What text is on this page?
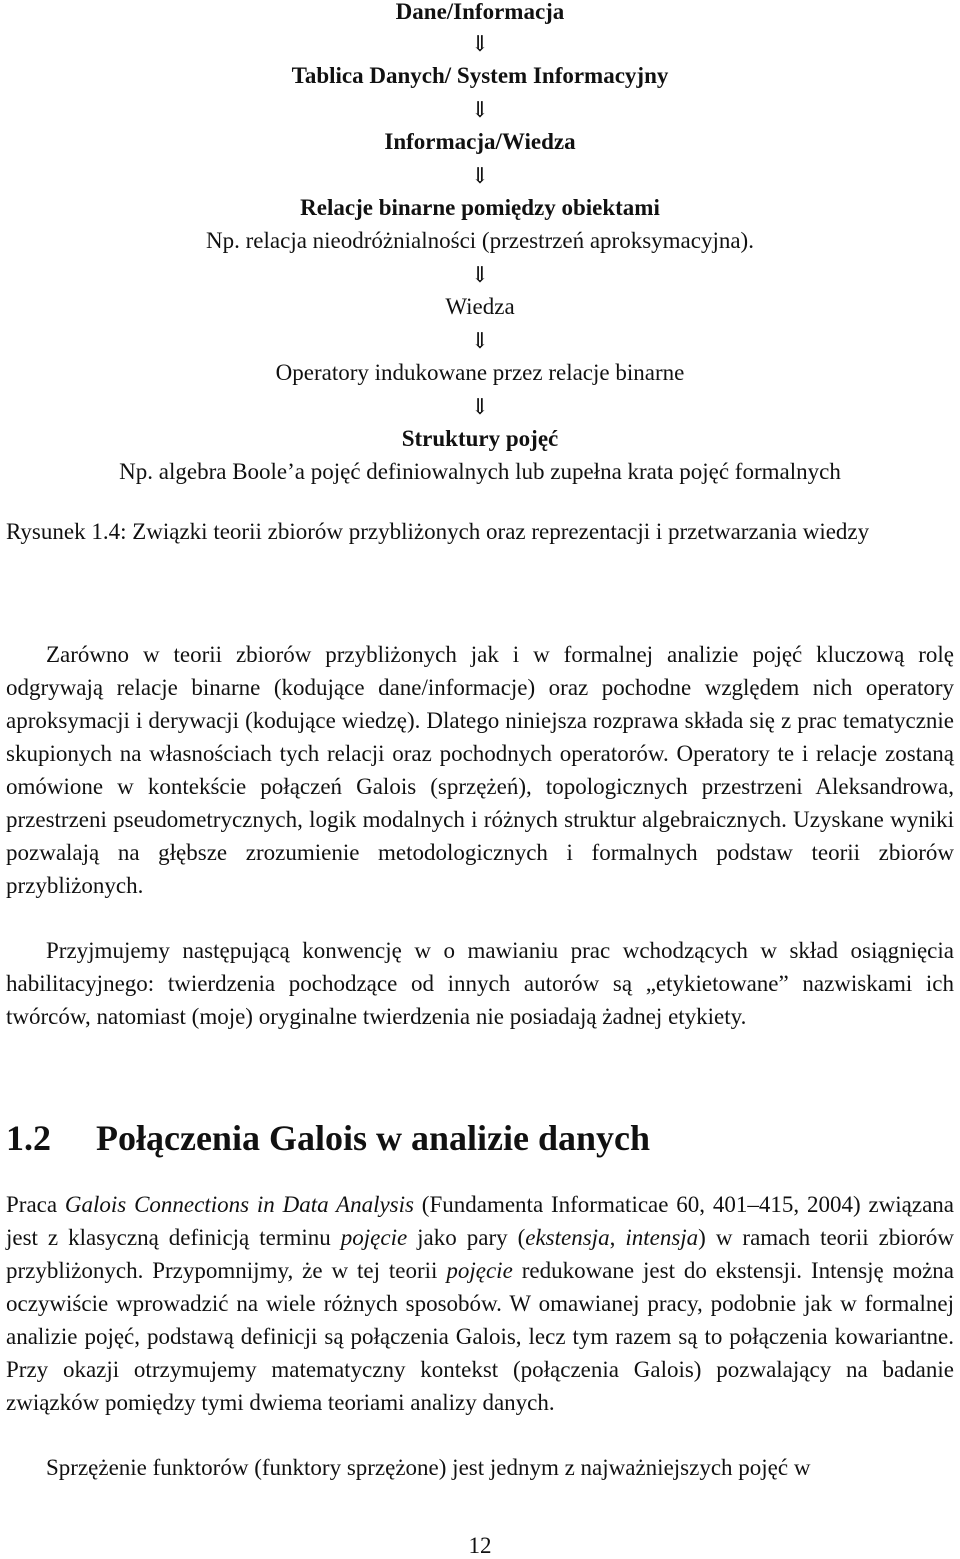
Dane/Informacja
⇓
Tablica Danych/ System Informacyjny
⇓
Informacja/Wiedza
⇓
Relacje binarne pomiędzy obiektami
Np. relacja nieodróżnialności (przestrzeń aproksymacyjna).
⇓
Wiedza
⇓
Operatory indukowane przez relacje binarne
⇓
Struktury pojęć
Np. algebra Boole’a pojęć definiowalnych lub zupełna krata pojęć formalnych
Rysunek 1.4: Związki teorii zbiorów przybliżonych oraz reprezentacji i przetwarzania wiedzy
Zarówno w teorii zbiorów przybliżonych jak i w formalnej analizie pojęć kluczową rolę odgrywają relacje binarne (kodujące dane/informacje) oraz pochodne względem nich operatory aproksymacji i derywacji (kodujące wiedzę). Dlatego niniejsza rozprawa składa się z prac tematycznie skupionych na własnościach tych relacji oraz pochodnych operatorów. Operatory te i relacje zostaną omówione w kontekście połączeń Galois (sprzężeń), topologicznych przestrzeni Aleksandrowa, przestrzeni pseudometrycznych, logik modalnych i różnych struktur algebraicznych. Uzyskane wyniki pozwalają na głębsze zrozumienie metodologicznych i formalnych podstaw teorii zbiorów przybliżonych.
Przyjmujemy następującą konwencję w o mawianiu prac wchodzących w skład osiągnięcia habilitacyjnego: twierdzenia pochodzące od innych autorów są „etykietowane” nazwiskami ich twórców, natomiast (moje) oryginalne twierdzenia nie posiadają żadnej etykiety.
1.2 Połączenia Galois w analizie danych
Praca Galois Connections in Data Analysis (Fundamenta Informaticae 60, 401–415, 2004) związana jest z klasyczną definicją terminu pojęcie jako pary (ekstensja, intensja) w ramach teorii zbiorów przybliżonych. Przypomnijmy, że w tej teorii pojęcie redukowane jest do ekstensji. Intensję można oczywiście wprowadzić na wiele różnych sposobów. W omawianej pracy, podobnie jak w formalnej analizie pojęć, podstawą definicji są połączenia Galois, lecz tym razem są to połączenia kowariantne. Przy okazji otrzymujemy matematyczny kontekst (połączenia Galois) pozwalający na badanie związków pomiędzy tymi dwiema teoriami analizy danych.
Sprzężenie funktorów (funktory sprzężone) jest jednym z najważniejszych pojęć w
12
